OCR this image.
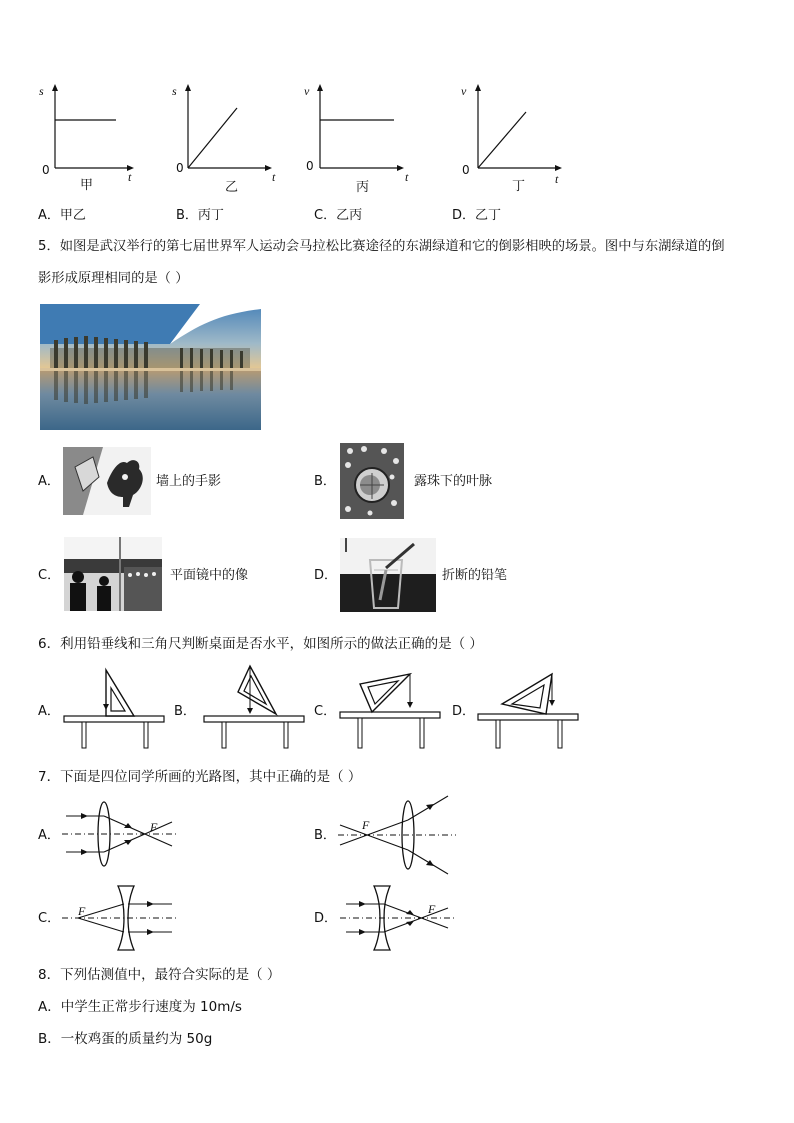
s
t
0
甲
s
t
0
乙
v
t
0
丙
v
t
0
丁
A．甲乙	B．丙丁	C．乙丙	D．乙丁
5．如图是武汉举行的第七届世界军人运动会马拉松比赛途径的东湖绿道和它的倒影相映的场景。图中与东湖绿道的倒
影形成原理相同的是（ ）
A．	墙上的手影	B．	露珠下的叶脉
C．	平面镜中的像	D．	折断的铅笔
6．利用铅垂线和三角尺判断桌面是否水平，如图所示的做法正确的是（ ）
A．	B．	C．	D．
7．下面是四位同学所画的光路图，其中正确的是（ ）
A．
F
B．
F
C． F	D．
F
8．下列估测值中，最符合实际的是（ ）
A．中学生正常步行速度为 10m/s
B．一枚鸡蛋的质量约为 50g
